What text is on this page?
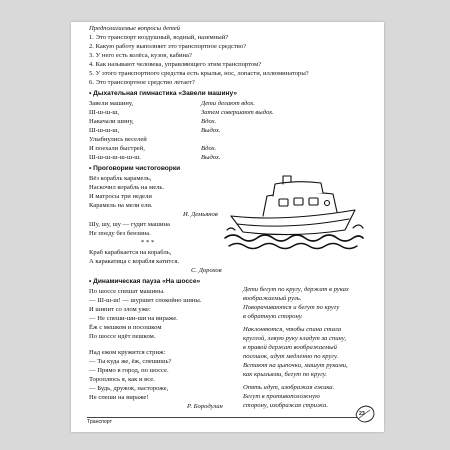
Предполагаемые вопросы детей
1. Это транспорт воздушный, водный, наземный?
2. Какую работу выполняет это транспортное средство?
3. У него есть колёса, кузов, кабина?
4. Как называют человека, управляющего этим транспортом?
5. У этого транспортного средства есть крылья, нос, лопасти, иллюминаторы?
6. Это транспортное средство летает?
• Дыхательная гимнастика «Завели машину»
Завели машину,	Дети делают вдох.
Ш-ш-ш-ш,	Затем совершают выдох.
Накачали шину,	Вдох.
Ш-ш-ш-ш,	Выдох.
Улыбнулись веселей
И поехали быстрей,	Вдох.
Ш-ш-ш-ш-ш-ш-ш.	Выдох.
• Проговорим чистоговорки
Вёз корабль карамель,
Наскочил корабль на мель.
И матросы три недели
Карамель на мели ели.
И. Демьянов
Шу, шу, шу — гудит машина
Не поеду без бензина.
* * *
Краб карабкается на корабль,
А каракатица с корабля катится.
С. Дорохов
• Динамическая пауза «На шоссе»
По шоссе спешат машины.
— Ш-ш-ш! — шуршит спокойно шины.
И шипит со злом уже:
— Не спеши-ши-ши на вираже.
Ёж с мешком и посошком
По шоссе идёт пешком.
Над ежом кружится стриж:
— Ты куда же, ёж, спешишь?
— Прямо в город, по шоссе.
Тороплюсь я, как и все.
— Будь, дружок, настороже,
Не спеши на вираже!
Р. Бородулин
Дети бегут по кругу, держат в руках
воображаемый руль.
Поворачиваются и бегут по кругу
в обратную сторону.
Наклоняются, чтобы спина стала
круглой, левую руку кладут за спину,
в правой держат воображаемый
посошок, идут медленно по кругу.
Встают на цыпочки, машут руками,
как крыльями, бегут по кругу.
Опять идут, изображая ежика.
Бегут в противоположную
сторону, изображая стрижа.
Транспорт
23
